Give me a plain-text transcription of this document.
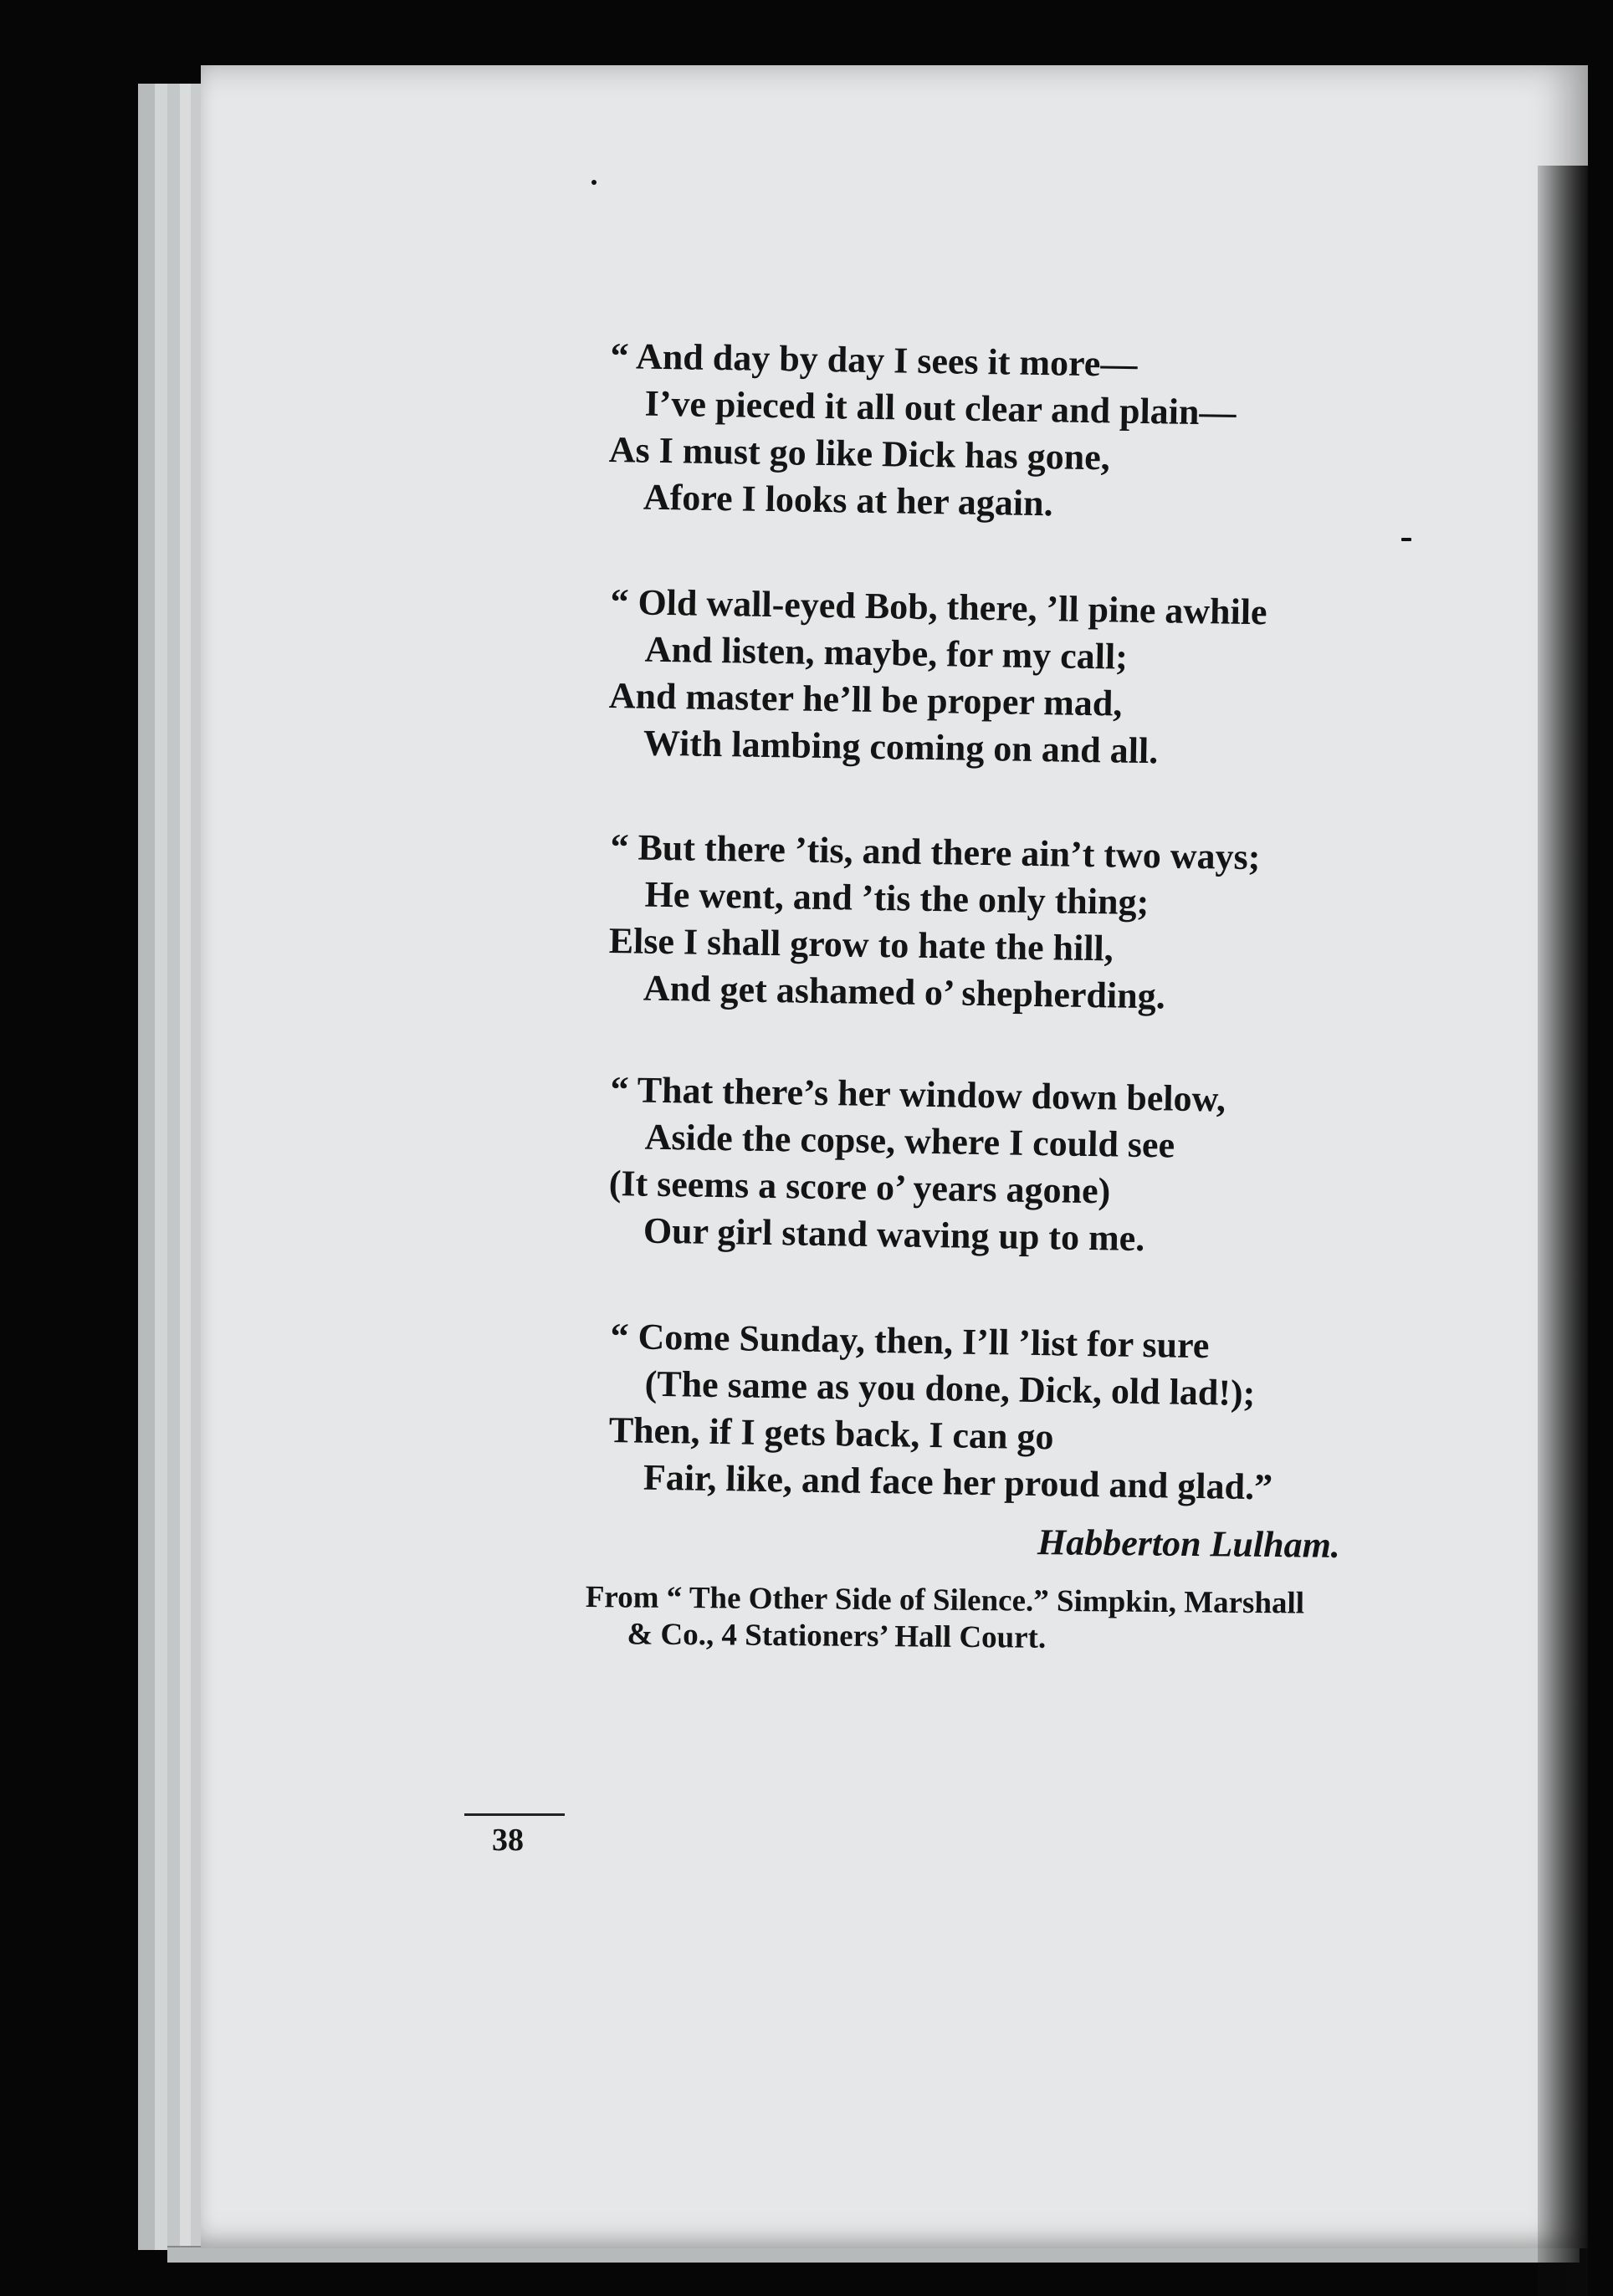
“ And day by day I sees it more—
I’ve pieced it all out clear and plain—
As I must go like Dick has gone,
Afore I looks at her again.
“ Old wall-eyed Bob, there, ’ll pine awhile
And listen, maybe, for my call;
And master he’ll be proper mad,
With lambing coming on and all.
“ But there ’tis, and there ain’t two ways;
He went, and ’tis the only thing;
Else I shall grow to hate the hill,
And get ashamed o’ shepherding.
“ That there’s her window down below,
Aside the copse, where I could see
(It seems a score o’ years agone)
Our girl stand waving up to me.
“ Come Sunday, then, I’ll ’list for sure
(The same as you done, Dick, old lad!);
Then, if I gets back, I can go
Fair, like, and face her proud and glad.”
Habberton Lulham.
From “ The Other Side of Silence.” Simpkin, Marshall
& Co., 4 Stationers’ Hall Court.
38
